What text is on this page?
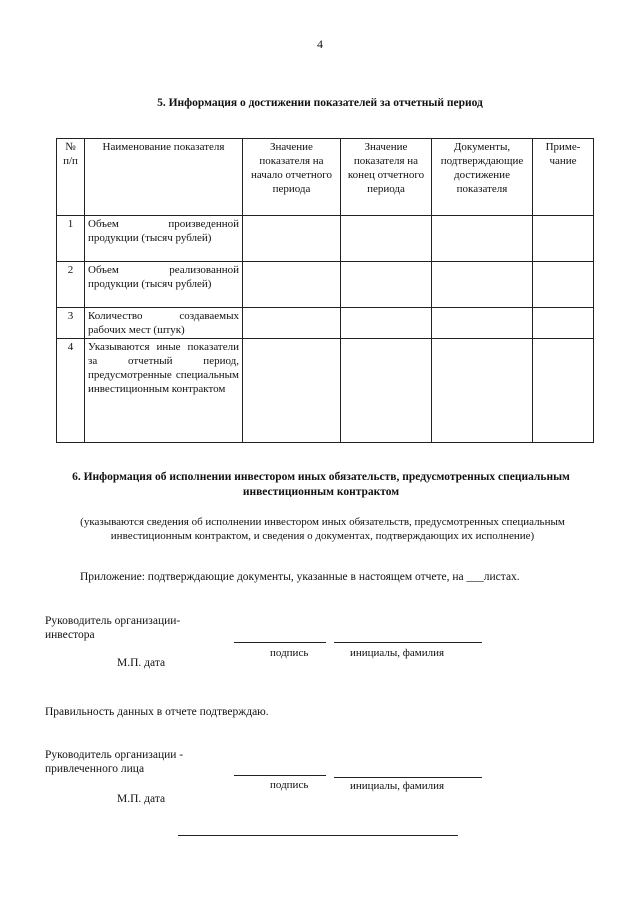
4
5. Информация о достижении показателей за отчетный период
№ п/п	Наименование показателя	Значение показателя на начало отчетного периода	Значение показателя на конец отчетного периода	Документы, подтверждающие достижение показателя	Приме-чание
1	Объем произведенной продукции (тысяч рублей)				
2	Объем реализованной продукции (тысяч рублей)				
3	Количество создаваемых рабочих мест (штук)				
4	Указываются иные показатели за отчетный период, предусмотренные специальным инвестиционным контрактом				
6. Информация об исполнении инвестором иных обязательств, предусмотренных специальным инвестиционным контрактом
(указываются сведения об исполнении инвестором иных обязательств, предусмотренных специальным инвестиционным контрактом, и сведения о документах, подтверждающих их исполнение)
Приложение: подтверждающие документы, указанные в настоящем отчете, на ___листах.
Руководитель организации-
инвестора
подпись	инициалы, фамилия
М.П. дата
Правильность данных в отчете подтверждаю.
Руководитель организации -
привлеченного лица
подпись	инициалы, фамилия
М.П. дата
